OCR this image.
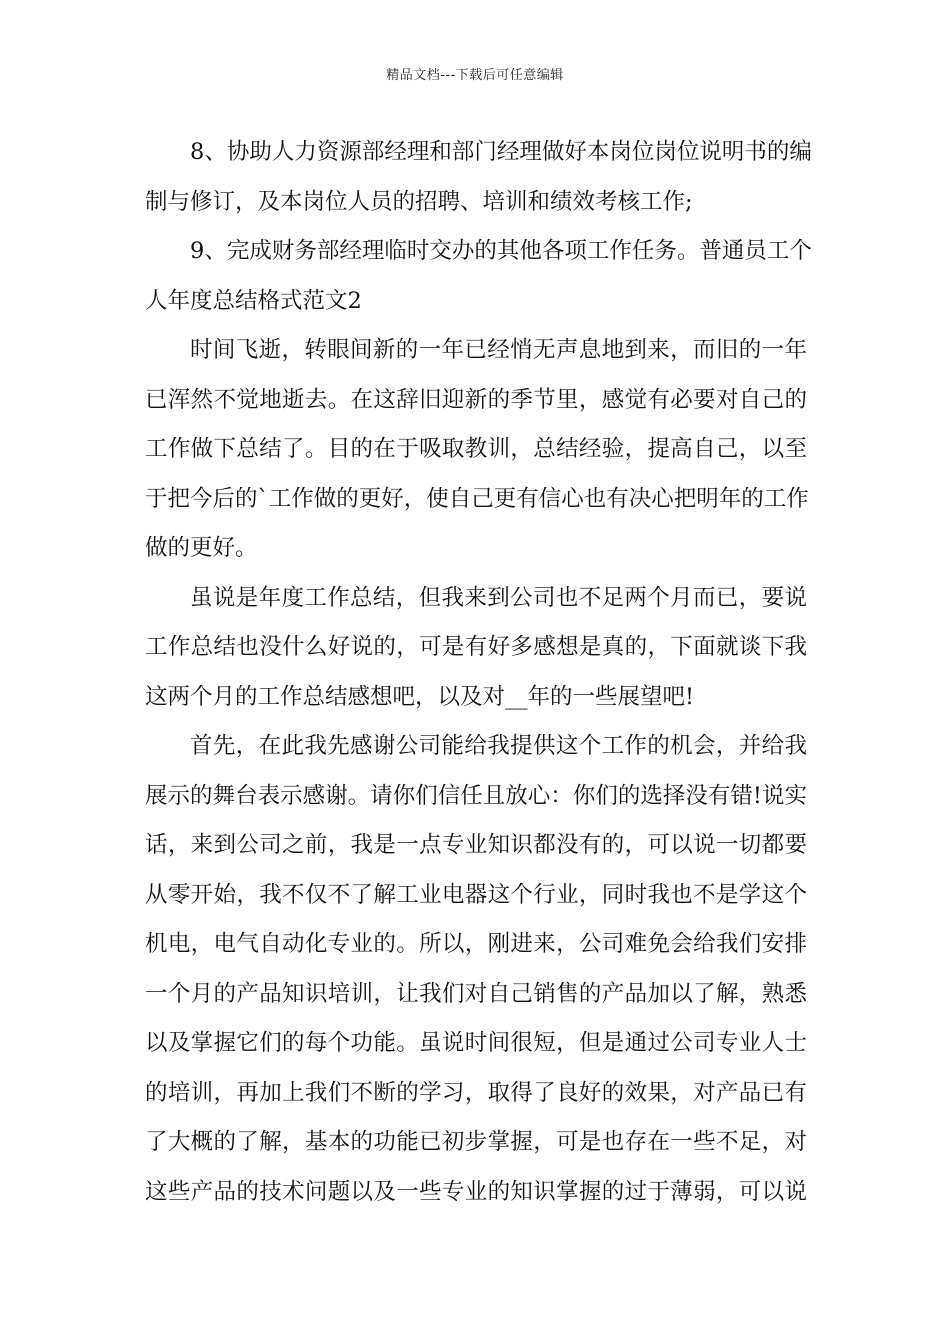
精品文档---下载后可任意编辑
8、协助人力资源部经理和部门经理做好本岗位岗位说明书的编
制与修订，及本岗位人员的招聘、培训和绩效考核工作;
9、完成财务部经理临时交办的其他各项工作任务。普通员工个
人年度总结格式范文2
时间飞逝，转眼间新的一年已经悄无声息地到来，而旧的一年
已浑然不觉地逝去。在这辞旧迎新的季节里，感觉有必要对自己的
工作做下总结了。目的在于吸取教训，总结经验，提高自己，以至
于把今后的`工作做的更好，使自己更有信心也有决心把明年的工作
做的更好。
虽说是年度工作总结，但我来到公司也不足两个月而已，要说
工作总结也没什么好说的，可是有好多感想是真的，下面就谈下我
这两个月的工作总结感想吧，以及对__年的一些展望吧!
首先，在此我先感谢公司能给我提供这个工作的机会，并给我
展示的舞台表示感谢。请你们信任且放心：你们的选择没有错!说实
话，来到公司之前，我是一点专业知识都没有的，可以说一切都要
从零开始，我不仅不了解工业电器这个行业，同时我也不是学这个
机电，电气自动化专业的。所以，刚进来，公司难免会给我们安排
一个月的产品知识培训，让我们对自己销售的产品加以了解，熟悉
以及掌握它们的每个功能。虽说时间很短，但是通过公司专业人士
的培训，再加上我们不断的学习，取得了良好的效果，对产品已有
了大概的了解，基本的功能已初步掌握，可是也存在一些不足，对
这些产品的技术问题以及一些专业的知识掌握的过于薄弱，可以说
